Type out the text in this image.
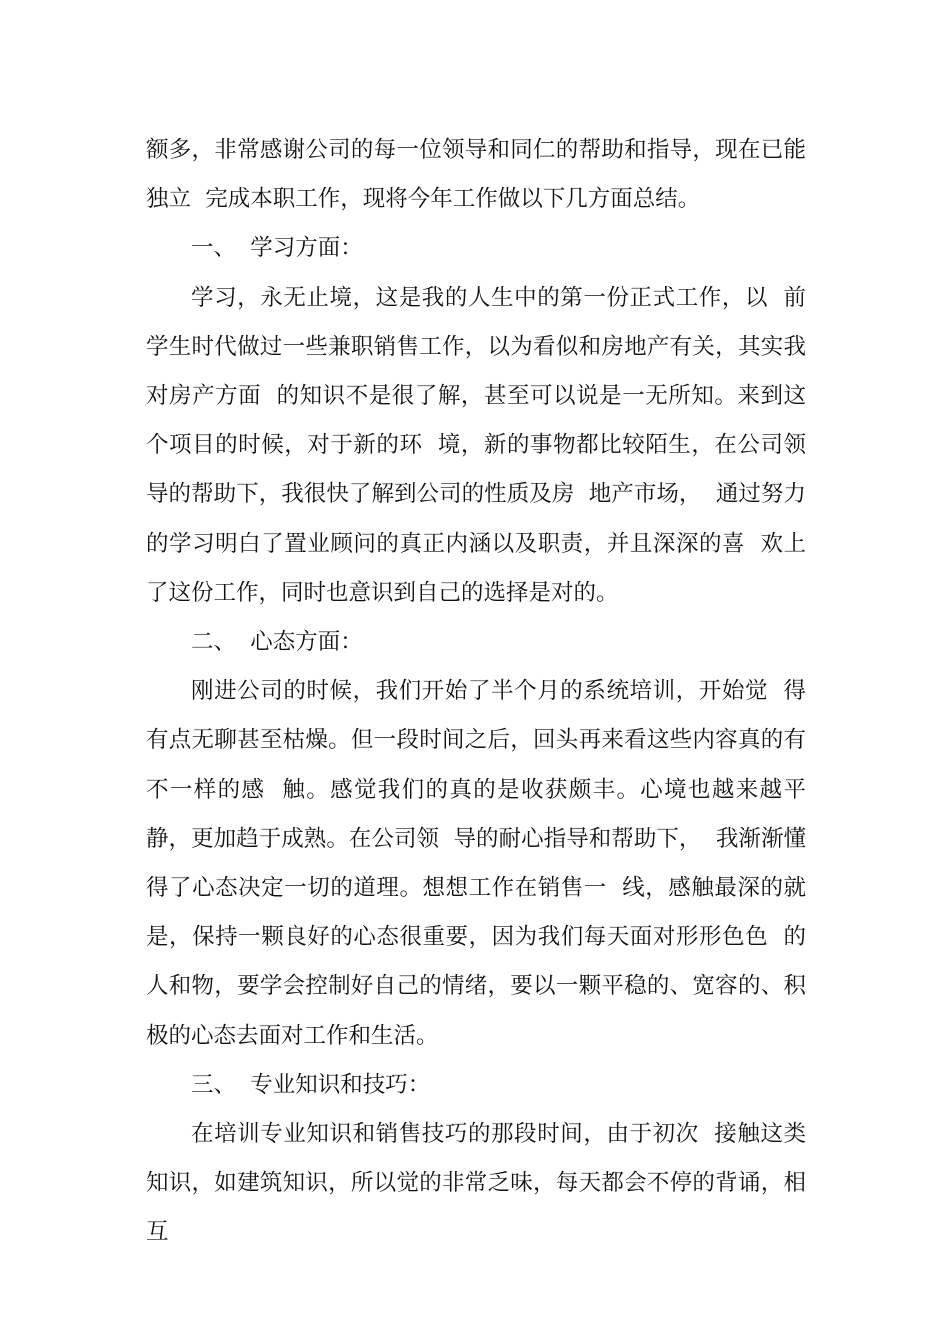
额多，非常感谢公司的每一位领导和同仁的帮助和指导，现在已能独立  完成本职工作，现将今年工作做以下几方面总结。

一、  学习方面：

学习，永无止境，这是我的人生中的第一份正式工作，以  前学生时代做过一些兼职销售工作，以为看似和房地产有关，其实我对房产方面  的知识不是很了解，甚至可以说是一无所知。来到这个项目的时候，对于新的环  境，新的事物都比较陌生，在公司领导的帮助下，我很快了解到公司的性质及房  地产市场，  通过努力的学习明白了置业顾问的真正内涵以及职责，并且深深的喜  欢上了这份工作，同时也意识到自己的选择是对的。

二、  心态方面：

刚进公司的时候，我们开始了半个月的系统培训，开始觉  得有点无聊甚至枯燥。但一段时间之后，回头再来看这些内容真的有不一样的感  触。感觉我们的真的是收获颇丰。心境也越来越平静，更加趋于成熟。在公司领  导的耐心指导和帮助下，  我渐渐懂得了心态决定一切的道理。想想工作在销售一  线，感触最深的就是，保持一颗良好的心态很重要，因为我们每天面对形形色色  的人和物，要学会控制好自己的情绪，要以一颗平稳的、宽容的、积极的心态去面对工作和生活。

三、  专业知识和技巧：

在培训专业知识和销售技巧的那段时间，由于初次  接触这类知识，如建筑知识，所以觉的非常乏味，每天都会不停的背诵，相互
